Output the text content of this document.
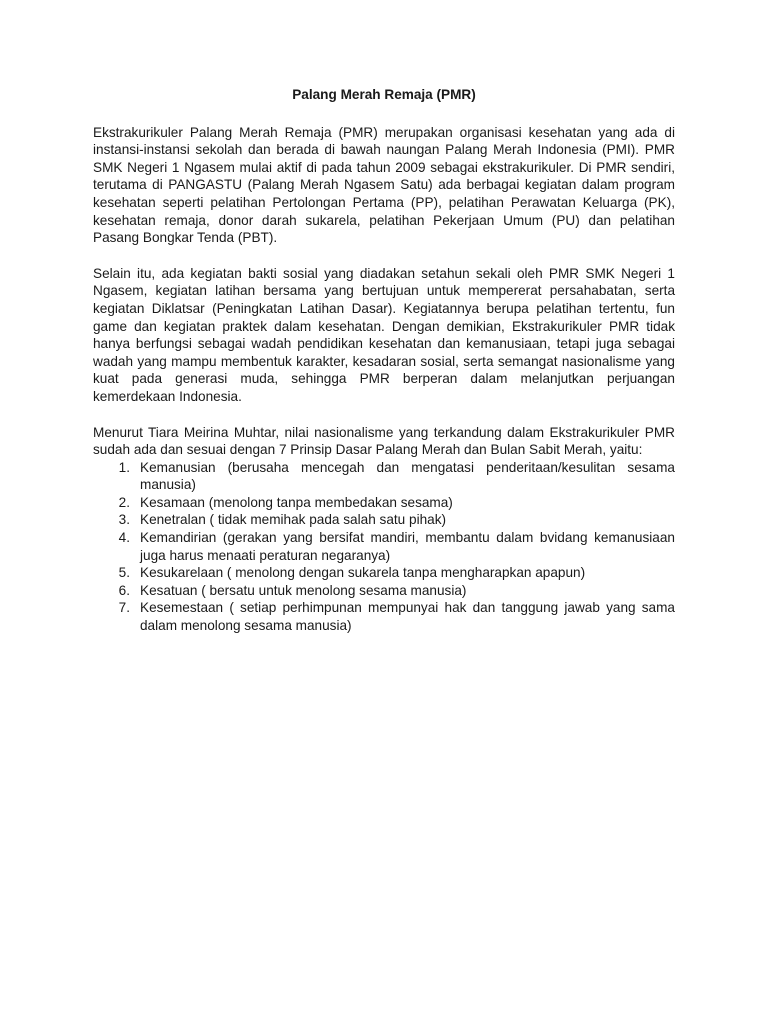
Palang Merah Remaja (PMR)

Ekstrakurikuler Palang Merah Remaja (PMR) merupakan organisasi kesehatan yang ada di instansi-instansi sekolah dan berada di bawah naungan Palang Merah Indonesia (PMI). PMR SMK Negeri 1 Ngasem mulai aktif di pada tahun 2009 sebagai ekstrakurikuler. Di PMR sendiri, terutama di PANGASTU (Palang Merah Ngasem Satu) ada berbagai kegiatan dalam program kesehatan seperti pelatihan Pertolongan Pertama (PP), pelatihan Perawatan Keluarga (PK), kesehatan remaja, donor darah sukarela, pelatihan Pekerjaan Umum (PU) dan pelatihan Pasang Bongkar Tenda (PBT).

Selain itu, ada kegiatan bakti sosial yang diadakan setahun sekali oleh PMR SMK Negeri 1 Ngasem, kegiatan latihan bersama yang bertujuan untuk mempererat persahabatan, serta kegiatan Diklatsar (Peningkatan Latihan Dasar). Kegiatannya berupa pelatihan tertentu, fun game dan kegiatan praktek dalam kesehatan. Dengan demikian, Ekstrakurikuler PMR tidak hanya berfungsi sebagai wadah pendidikan kesehatan dan kemanusiaan, tetapi juga sebagai wadah yang mampu membentuk karakter, kesadaran sosial, serta semangat nasionalisme yang kuat pada generasi muda, sehingga PMR berperan dalam melanjutkan perjuangan kemerdekaan Indonesia.

Menurut Tiara Meirina Muhtar, nilai nasionalisme yang terkandung dalam Ekstrakurikuler PMR sudah ada dan sesuai dengan 7 Prinsip Dasar Palang Merah dan Bulan Sabit Merah, yaitu:

1. Kemanusian (berusaha mencegah dan mengatasi penderitaan/kesulitan sesama manusia)
2. Kesamaan (menolong tanpa membedakan sesama)
3. Kenetralan ( tidak memihak pada salah satu pihak)
4. Kemandirian (gerakan yang bersifat mandiri, membantu dalam bvidang kemanusiaan juga harus menaati peraturan negaranya)
5. Kesukarelaan ( menolong dengan sukarela tanpa mengharapkan apapun)
6. Kesatuan ( bersatu untuk menolong sesama manusia)
7. Kesemestaan ( setiap perhimpunan mempunyai hak dan tanggung jawab yang sama dalam menolong sesama manusia)
